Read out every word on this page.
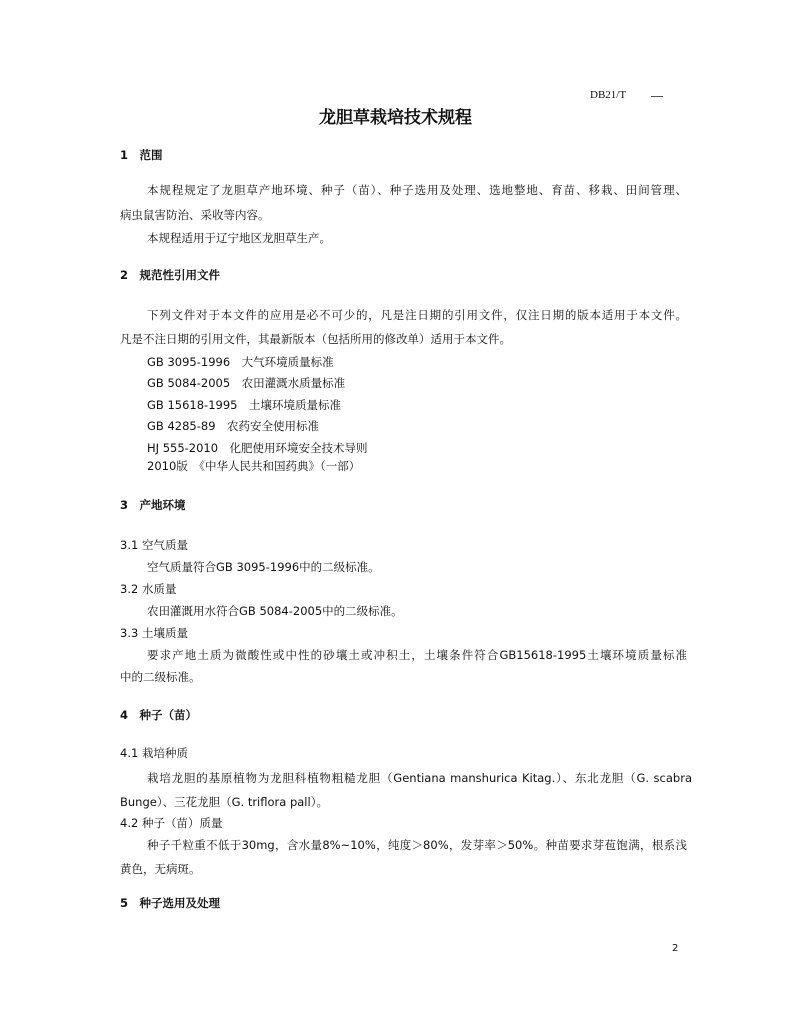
DB21/T
龙胆草栽培技术规程
1　范围
本规程规定了龙胆草产地环境、种子（苗）、种子选用及处理、选地整地、育苗、移栽、田间管理、
病虫鼠害防治、采收等内容。
本规程适用于辽宁地区龙胆草生产。
2　规范性引用文件
下列文件对于本文件的应用是必不可少的，凡是注日期的引用文件，仅注日期的版本适用于本文件。
凡是不注日期的引用文件，其最新版本（包括所用的修改单）适用于本文件。
GB 3095-1996　大气环境质量标准
GB 5084-2005　农田灌溉水质量标准
GB 15618-1995　土壤环境质量标准
GB 4285-89　农药安全使用标准
HJ 555-2010　化肥使用环境安全技术导则
2010版　《中华人民共和国药典》（一部）
3　产地环境
3.1 空气质量
空气质量符合GB 3095-1996中的二级标准。
3.2 水质量
农田灌溉用水符合GB 5084-2005中的二级标准。
3.3 土壤质量
要求产地土质为微酸性或中性的砂壤土或冲积土，土壤条件符合GB15618-1995土壤环境质量标准
中的二级标准。
4　种子（苗）
4.1 栽培种质
栽培龙胆的基原植物为龙胆科植物粗糙龙胆（Gentiana manshurica Kitag.）、东北龙胆（G. scabra
Bunge）、三花龙胆（G. triflora pall）。
4.2 种子（苗）质量
种子千粒重不低于30mg，含水量8%~10%，纯度＞80%，发芽率＞50%。种苗要求芽苞饱满，根系浅
黄色，无病斑。
5　种子选用及处理
2
